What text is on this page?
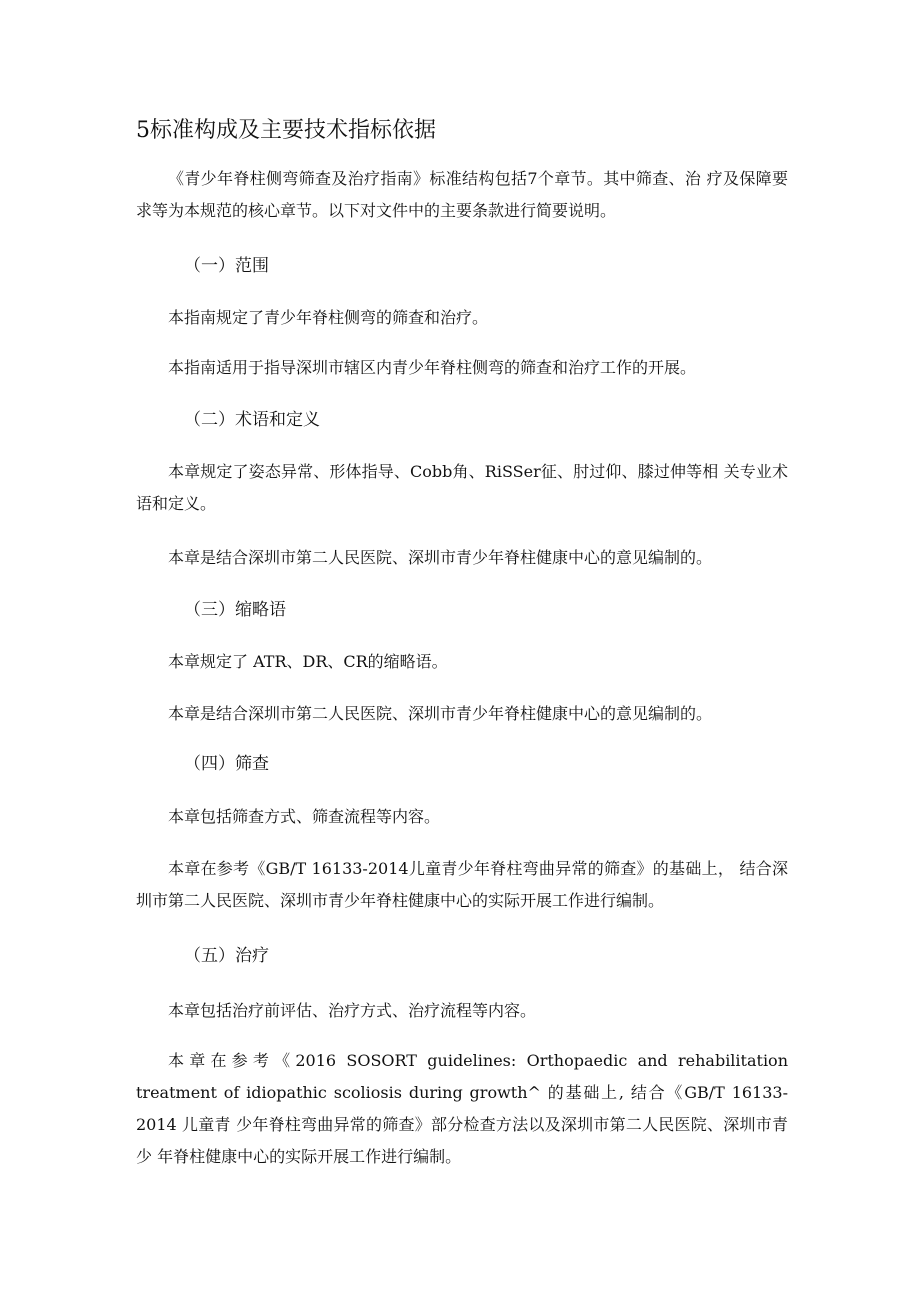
5标准构成及主要技术指标依据

《青少年脊柱侧弯筛查及治疗指南》标准结构包括7个章节。其中筛查、治 疗及保障要求等为本规范的核心章节。以下对文件中的主要条款进行简要说明。

（一）范围

本指南规定了青少年脊柱侧弯的筛查和治疗。

本指南适用于指导深圳市辖区内青少年脊柱侧弯的筛查和治疗工作的开展。

（二）术语和定义

本章规定了姿态异常、形体指导、Cobb角、RiSSer征、肘过仰、膝过伸等相 关专业术语和定义。

本章是结合深圳市第二人民医院、深圳市青少年脊柱健康中心的意见编制的。

（三）缩略语

本章规定了 ATR、DR、CR的缩略语。

本章是结合深圳市第二人民医院、深圳市青少年脊柱健康中心的意见编制的。

（四）筛查

本章包括筛查方式、筛查流程等内容。

本章在参考《GB/T 16133-2014儿童青少年脊柱弯曲异常的筛查》的基础上， 结合深圳市第二人民医院、深圳市青少年脊柱健康中心的实际开展工作进行编制。

（五）治疗

本章包括治疗前评估、治疗方式、治疗流程等内容。

本章在参考《2016 SOSORT guidelines: Orthopaedic and rehabilitation treatment of idiopathic scoliosis during growth^ 的基础上, 结合《GB/T 16133-2014 儿童青 少年脊柱弯曲异常的筛查》部分检查方法以及深圳市第二人民医院、深圳市青少 年脊柱健康中心的实际开展工作进行编制。
